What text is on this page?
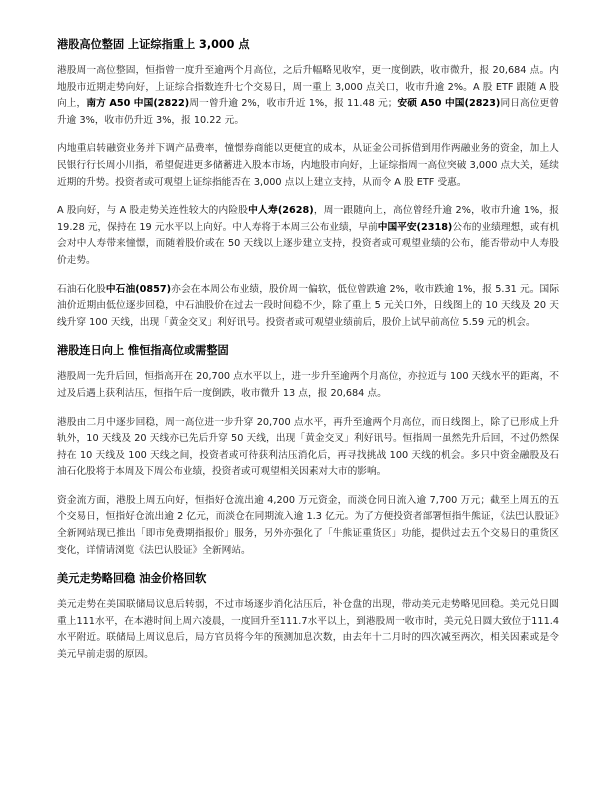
港股高位整固 上证综指重上 3,000 点

港股周一高位整固，恒指曾一度升至逾两个月高位，之后升幅略见收窄，更一度倒跌，收市微升，报 20,684 点。内地股市近期走势向好，上证综合指数连升七个交易日，周一重上 3,000 点关口，收市升逾 2%。A 股 ETF 跟随 A 股向上，南方 A50 中国(2822)周一曾升逾 2%，收市升近 1%，报 11.48 元；安硕 A50 中国(2823)同日高位更曾升逾 3%，收市仍升近 3%，报 10.22 元。

内地重启转融资业务并下调产品费率，憧憬券商能以更便宜的成本，从证金公司拆借到用作两融业务的资金，加上人民银行行长周小川指，希望促进更多储蓄进入股本市场，内地股市向好，上证综指周一高位突破 3,000 点大关，延续近期的升势。投资者或可观望上证综指能否在 3,000 点以上建立支持，从而令 A 股 ETF 受惠。

A 股向好，与 A 股走势关连性较大的内险股中人寿(2628)，周一跟随向上，高位曾经升逾 2%，收市升逾 1%，报 19.28 元，保持在 19 元水平以上向好。中人寿将于本周三公布业绩，早前中国平安(2318)公布的业绩理想，或有机会对中人寿带来憧憬，而随着股价或在 50 天线以上逐步建立支持，投资者或可观望业绩的公布，能否带动中人寿股价走势。

石油石化股中石油(0857)亦会在本周公布业绩，股价周一偏软，低位曾跌逾 2%，收市跌逾 1%，报 5.31 元。国际油价近期由低位逐步回稳，中石油股价在过去一段时间稳不少，除了重上 5 元关口外，日线图上的 10 天线及 20 天线升穿 100 天线，出现「黄金交叉」利好讯号。投资者或可观望业绩前后，股价上试早前高位 5.59 元的机会。

港股连日向上 惟恒指高位或需整固

港股周一先升后回，恒指高开在 20,700 点水平以上，进一步升至逾两个月高位，亦拉近与 100 天线水平的距离，不过及后遇上获利沽压，恒指午后一度倒跌，收市微升 13 点，报 20,684 点。

港股由二月中逐步回稳，周一高位进一步升穿 20,700 点水平，再升至逾两个月高位，而日线图上，除了已形成上升轨外，10 天线及 20 天线亦已先后升穿 50 天线，出现「黄金交叉」利好讯号。恒指周一虽然先升后回，不过仍然保持在 10 天线及 100 天线之间，投资者或可待获利沽压消化后，再寻找挑战 100 天线的机会。多只中资金融股及石油石化股将于本周及下周公布业绩，投资者或可观望相关因素对大市的影响。

资金流方面，港股上周五向好，恒指好仓流出逾 4,200 万元资金，而淡仓同日流入逾 7,700 万元；截至上周五的五个交易日，恒指好仓流出逾 2 亿元，而淡仓在同期流入逾 1.3 亿元。为了方便投资者部署恒指牛熊证，《法巴认股证》全新网站现已推出「即市免费期指报价」服务，另外亦强化了「牛熊证重货区」功能，提供过去五个交易日的重货区变化，详情请浏览《法巴认股证》全新网站。

美元走势略回稳 油金价格回软

美元走势在美国联储局议息后转弱，不过市场逐步消化沽压后，补仓盘的出现，带动美元走势略见回稳。美元兑日圆重上111水平，在本港时间上周六凌晨，一度回升至111.7水平以上，到港股周一收市时，美元兑日圆大致位于111.4水平附近。联储局上周议息后，局方官员将今年的预测加息次数，由去年十二月时的四次减至两次，相关因素或是令美元早前走弱的原因。
